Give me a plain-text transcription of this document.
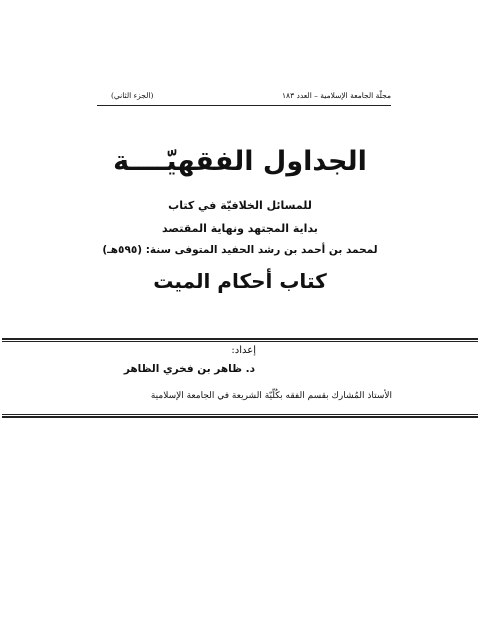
مجلّة الجامعة الإسلامية – العدد ١٨٣
(الجزء الثاني)
الجداول الفقهيّــــة
للمسائل الخلافيّة في كتاب
بداية المجتهد ونهاية المقتصد
لمحمد بن أحمد بن رشد الحفيد المتوفى سنة: (٥٩٥هـ)
كتاب أحكام الميت
إعداد:
د. ظاهر بن فخري الظاهر
الأستاذ المُشارك بقسم الفقه بكُلّيّة الشريعة في الجامعة الإسلامية
